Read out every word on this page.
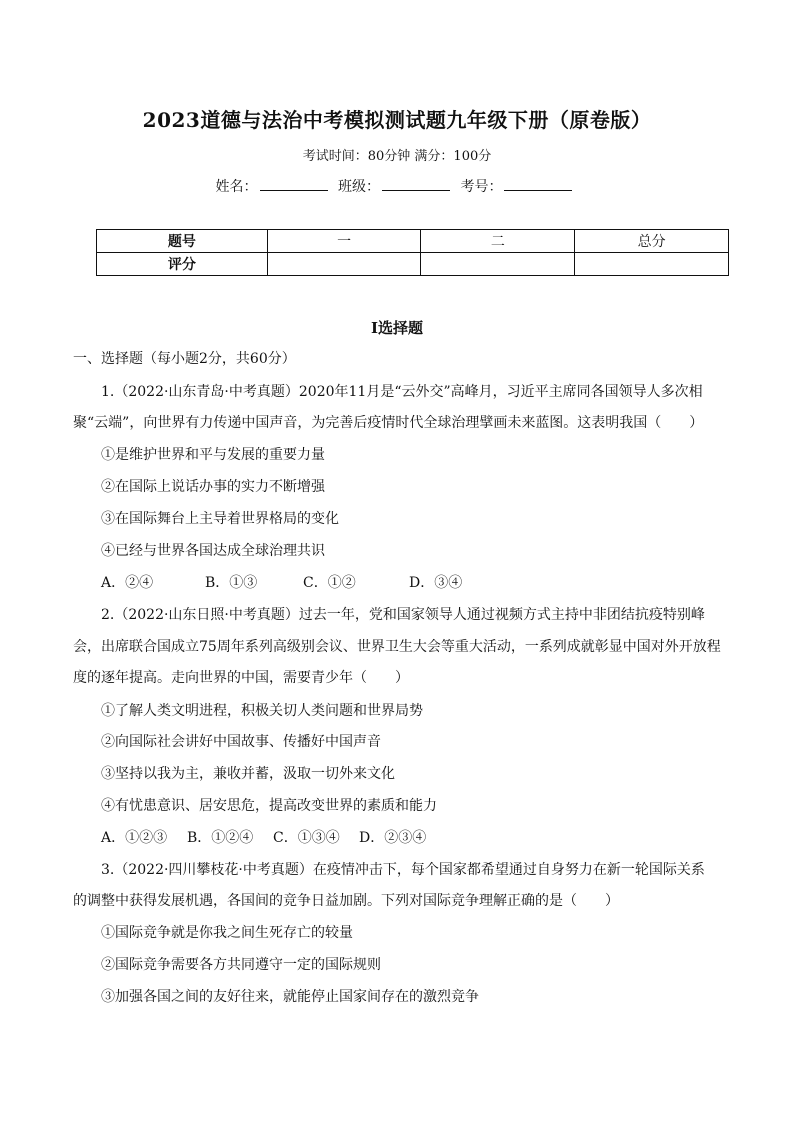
2023道德与法治中考模拟测试题九年级下册（原卷版）
考试时间：80分钟 满分：100分
姓名：	班级：	考号：
题号	一	二	总分
评分			
Ⅰ选择题
一、选择题（每小题2分，共60分）
1.（2022·山东青岛·中考真题）2020年11月是“云外交”高峰月，习近平主席同各国领导人多次相
聚“云端”，向世界有力传递中国声音，为完善后疫情时代全球治理擘画未来蓝图。这表明我国（　　）
①是维护世界和平与发展的重要力量
②在国际上说话办事的实力不断增强
③在国际舞台上主导着世界格局的变化
④已经与世界各国达成全球治理共识
A．②④	B．①③	C．①②	D．③④
2.（2022·山东日照·中考真题）过去一年，党和国家领导人通过视频方式主持中非团结抗疫特别峰
会，出席联合国成立75周年系列高级别会议、世界卫生大会等重大活动，一系列成就彰显中国对外开放程
度的逐年提高。走向世界的中国，需要青少年（　　）
①了解人类文明进程，积极关切人类问题和世界局势
②向国际社会讲好中国故事、传播好中国声音
③坚持以我为主，兼收并蓄，汲取一切外来文化
④有忧患意识、居安思危，提高改变世界的素质和能力
A．①②③ B．①②④ C．①③④ D．②③④
3.（2022·四川攀枝花·中考真题）在疫情冲击下，每个国家都希望通过自身努力在新一轮国际关系
的调整中获得发展机遇，各国间的竞争日益加剧。下列对国际竞争理解正确的是（　　）
①国际竞争就是你我之间生死存亡的较量
②国际竞争需要各方共同遵守一定的国际规则
③加强各国之间的友好往来，就能停止国家间存在的激烈竞争
